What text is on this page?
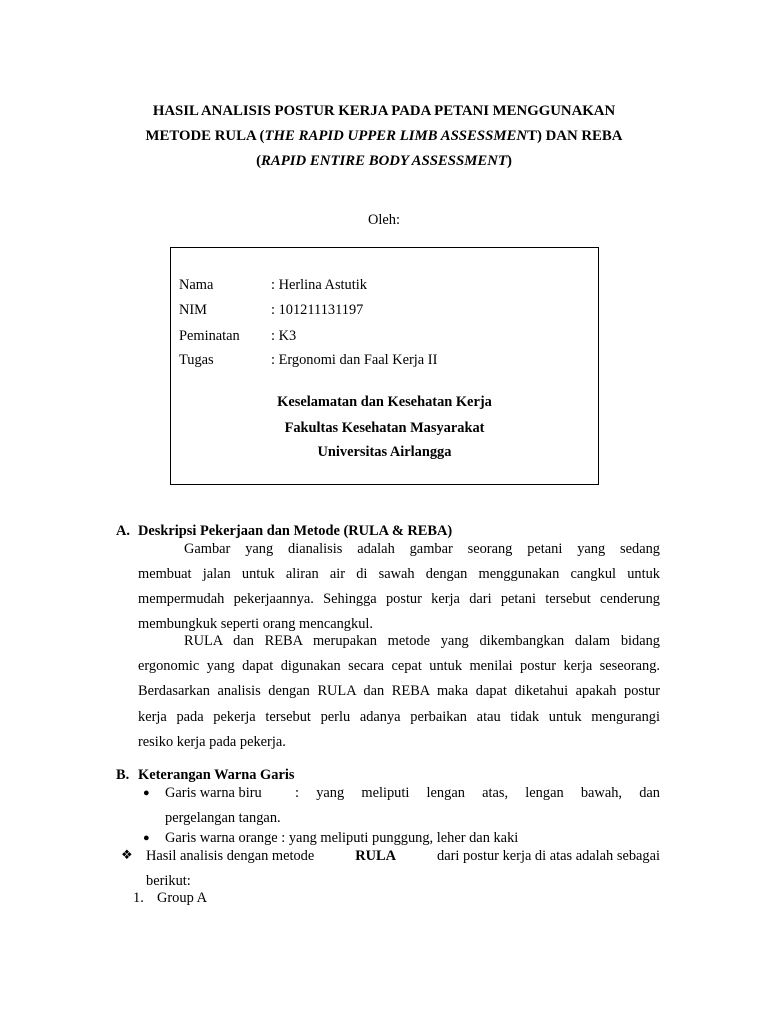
HASIL ANALISIS POSTUR KERJA PADA PETANI MENGGUNAKAN
METODE RULA (THE RAPID UPPER LIMB ASSESSMENT) DAN REBA
(RAPID ENTIRE BODY ASSESSMENT)
Oleh:
Nama	: Herlina Astutik
NIM	: 101211131197
Peminatan : K3
Tugas	: Ergonomi dan Faal Kerja II
Keselamatan dan Kesehatan Kerja
Fakultas Kesehatan Masyarakat
Universitas Airlangga
A. Deskripsi Pekerjaan dan Metode (RULA & REBA)
Gambar yang dianalisis adalah gambar seorang petani yang sedang
membuat jalan untuk aliran air di sawah dengan menggunakan cangkul untuk
mempermudah pekerjaannya. Sehingga postur kerja dari petani tersebut cenderung
membungkuk seperti orang mencangkul.
RULA dan REBA merupakan metode yang dikembangkan dalam bidang
ergonomic yang dapat digunakan secara cepat untuk menilai postur kerja seseorang.
Berdasarkan analisis dengan RULA dan REBA maka dapat diketahui apakah postur
kerja pada pekerja tersebut perlu adanya perbaikan atau tidak untuk mengurangi
resiko kerja pada pekerja.
B. Keterangan Warna Garis
● Garis warna biru : yang meliputi lengan atas, lengan bawah, dan
pergelangan tangan.
● Garis warna orange : yang meliputi punggung, leher dan kaki
❖ Hasil analisis dengan metode	RULA	dari postur kerja di atas adalah sebagai
berikut:
1. Group A
